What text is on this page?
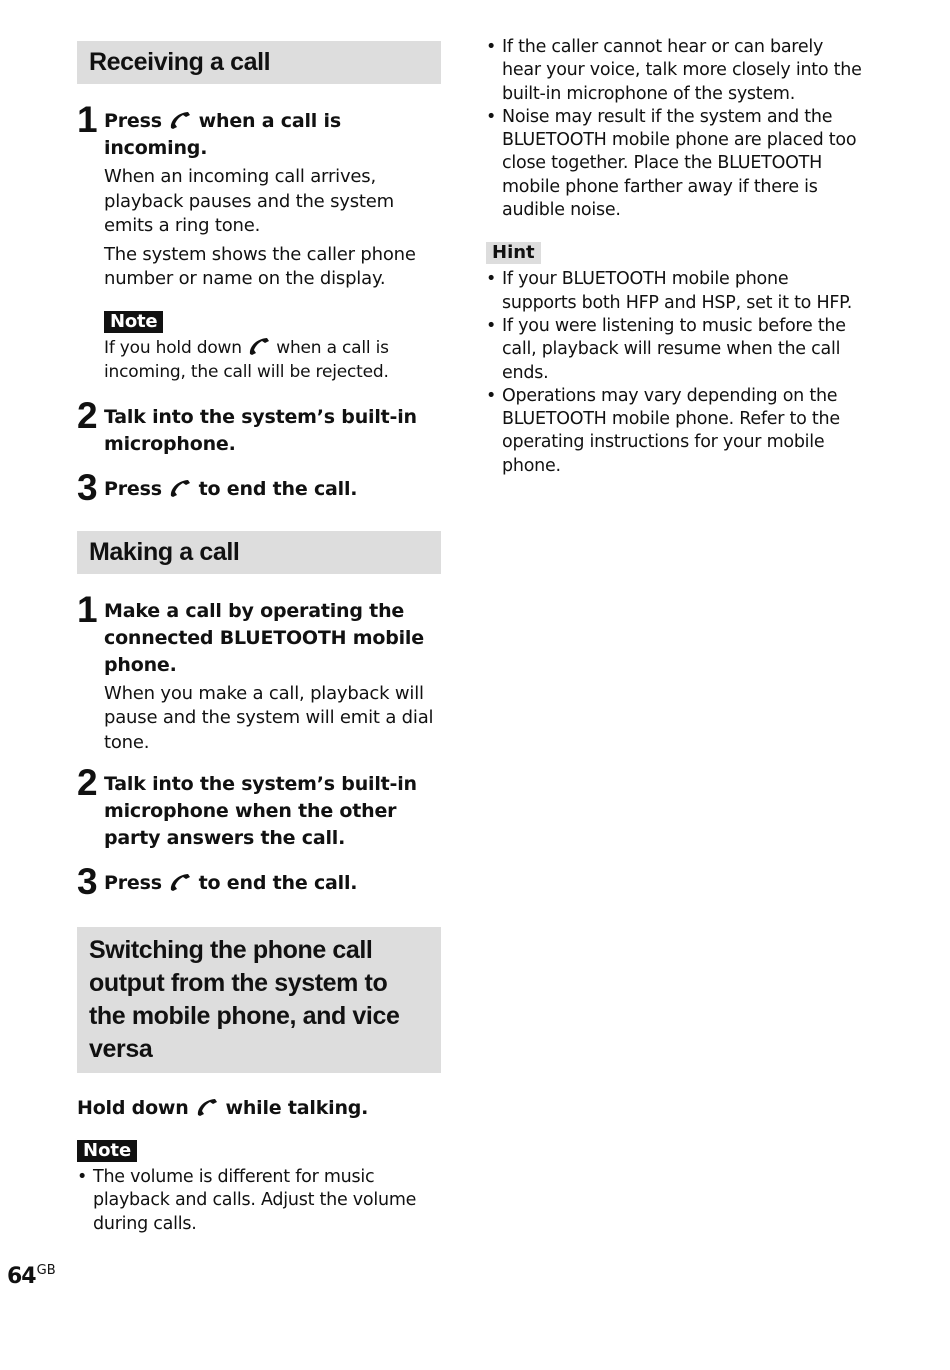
Receiving a call
1 Press when a call is incoming.

When an incoming call arrives, playback pauses and the system emits a ring tone.

The system shows the caller phone number or name on the display.

Note
If you hold down when a call is incoming, the call will be rejected.
2 Talk into the system’s built-in microphone.
3 Press to end the call.
Making a call
1 Make a call by operating the connected BLUETOOTH mobile phone.

When you make a call, playback will pause and the system will emit a dial tone.

2 Talk into the system’s built-in microphone when the other party answers the call.
3 Press to end the call.
Switching the phone call output from the system to the mobile phone, and vice versa
Hold down while talking.
Note
• The volume is different for music playback and calls. Adjust the volume during calls.
• If the caller cannot hear or can barely hear your voice, talk more closely into the built-in microphone of the system.
• Noise may result if the system and the BLUETOOTH mobile phone are placed too close together. Place the BLUETOOTH mobile phone farther away if there is audible noise.
Hint
• If your BLUETOOTH mobile phone supports both HFP and HSP, set it to HFP.
• If you were listening to music before the call, playback will resume when the call ends.
• Operations may vary depending on the BLUETOOTH mobile phone. Refer to the operating instructions for your mobile phone.
$64^{GB}$
